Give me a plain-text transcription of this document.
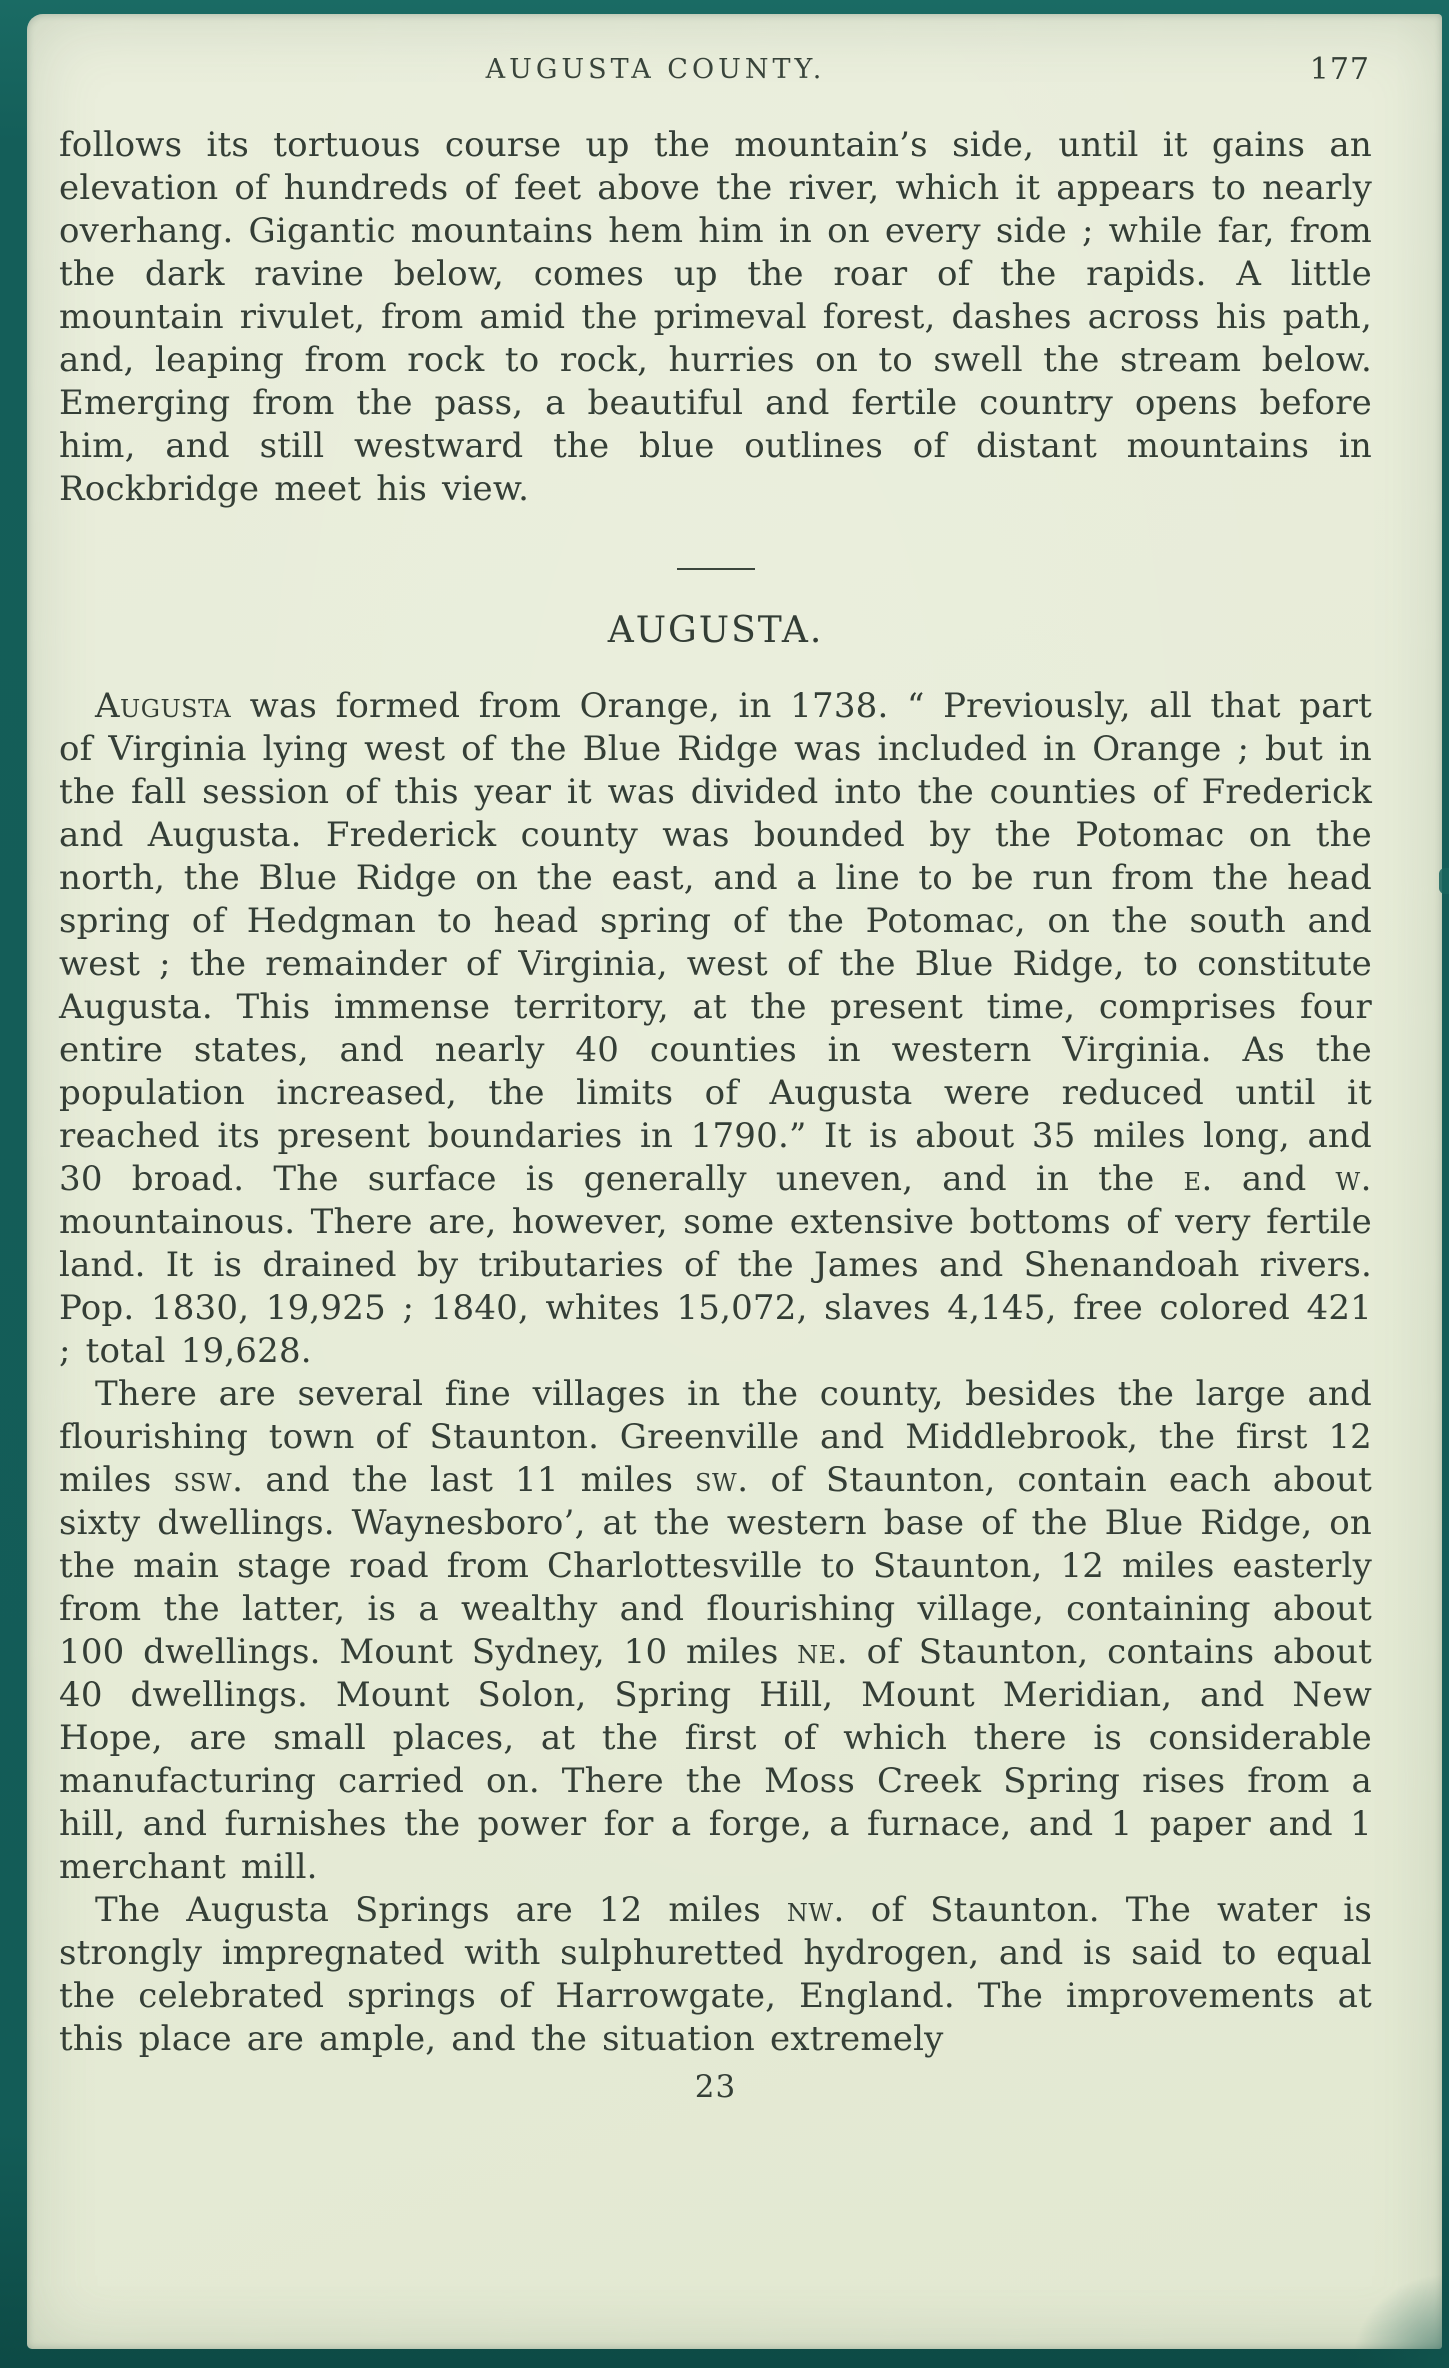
AUGUSTA COUNTY.	177

follows its tortuous course up the mountain’s side, until it gains an elevation of hundreds of feet above the river, which it appears to nearly overhang. Gigantic mountains hem him in on every side ; while far, from the dark ravine below, comes up the roar of the rapids. A little mountain rivulet, from amid the primeval forest, dashes across his path, and, leaping from rock to rock, hurries on to swell the stream below. Emerging from the pass, a beautiful and fertile country opens before him, and still westward the blue outlines of distant mountains in Rockbridge meet his view.

AUGUSTA.

Augusta was formed from Orange, in 1738. “ Previously, all that part of Virginia lying west of the Blue Ridge was included in Orange ; but in the fall session of this year it was divided into the counties of Frederick and Augusta. Frederick county was bounded by the Potomac on the north, the Blue Ridge on the east, and a line to be run from the head spring of Hedgman to head spring of the Potomac, on the south and west ; the remainder of Virginia, west of the Blue Ridge, to constitute Augusta. This immense territory, at the present time, comprises four entire states, and nearly 40 counties in western Virginia. As the population increased, the limits of Augusta were reduced until it reached its present boundaries in 1790.” It is about 35 miles long, and 30 broad. The surface is generally uneven, and in the e. and w. mountainous. There are, however, some extensive bottoms of very fertile land. It is drained by tributaries of the James and Shenandoah rivers. Pop. 1830, 19,925 ; 1840, whites 15,072, slaves 4,145, free colored 421 ; total 19,628.

There are several fine villages in the county, besides the large and flourishing town of Staunton. Greenville and Middlebrook, the first 12 miles ssw. and the last 11 miles sw. of Staunton, contain each about sixty dwellings. Waynesboro’, at the western base of the Blue Ridge, on the main stage road from Charlottesville to Staunton, 12 miles easterly from the latter, is a wealthy and flourishing village, containing about 100 dwellings. Mount Sydney, 10 miles ne. of Staunton, contains about 40 dwellings. Mount Solon, Spring Hill, Mount Meridian, and New Hope, are small places, at the first of which there is considerable manufacturing carried on. There the Moss Creek Spring rises from a hill, and furnishes the power for a forge, a furnace, and 1 paper and 1 merchant mill.

The Augusta Springs are 12 miles nw. of Staunton. The water is strongly impregnated with sulphuretted hydrogen, and is said to equal the celebrated springs of Harrowgate, England. The improvements at this place are ample, and the situation extremely

23
